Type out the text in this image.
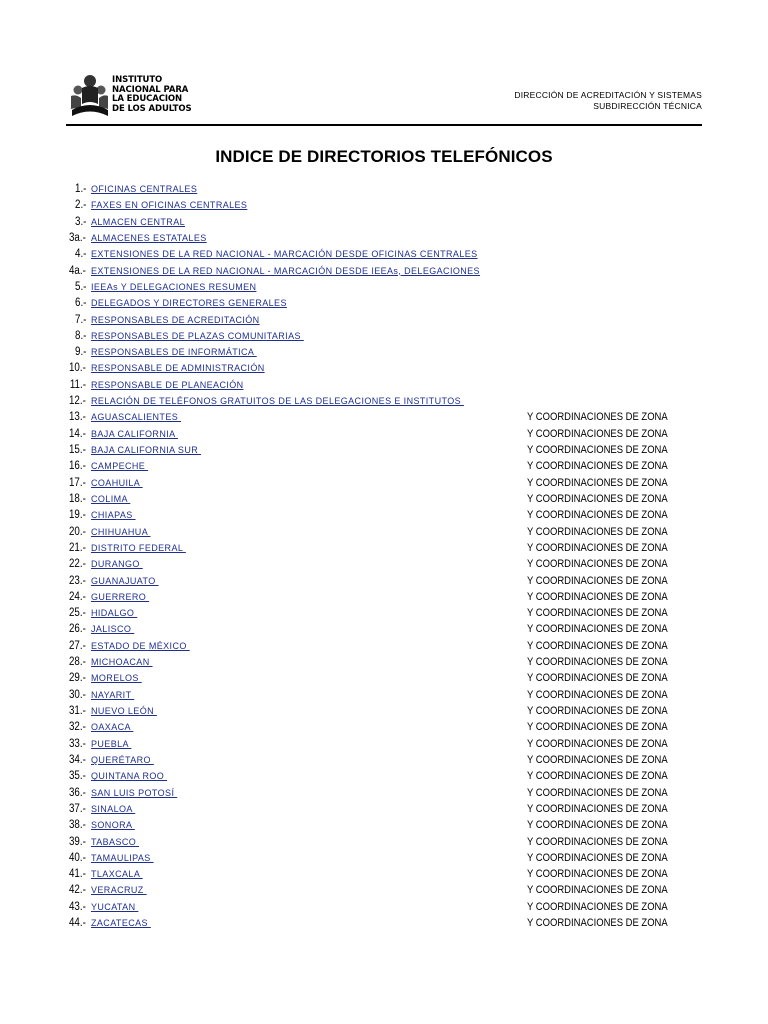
INSTITUTO
NACIONAL PARA
LA EDUCACION
DE LOS ADULTOS
DIRECCIÓN DE ACREDITACIÓN Y SISTEMAS
SUBDIRECCIÓN TÉCNICA
INDICE DE DIRECTORIOS TELEFÓNICOS
1.- OFICINAS CENTRALES
2.- FAXES EN OFICINAS CENTRALES
3.- ALMACEN CENTRAL
3a.- ALMACENES ESTATALES
4.- EXTENSIONES DE LA RED NACIONAL - MARCACIÓN DESDE OFICINAS CENTRALES
4a.- EXTENSIONES DE LA RED NACIONAL - MARCACIÓN DESDE IEEAs, DELEGACIONES
5.- IEEAs Y DELEGACIONES RESUMEN
6.- DELEGADOS Y DIRECTORES GENERALES
7.- RESPONSABLES DE ACREDITACIÓN
8.- RESPONSABLES DE PLAZAS COMUNITARIAS
9.- RESPONSABLES DE INFORMÁTICA
10.- RESPONSABLE DE ADMINISTRACIÓN
11.- RESPONSABLE DE PLANEACIÓN
12.- RELACIÓN DE TELÉFONOS GRATUITOS DE LAS DELEGACIONES E INSTITUTOS
13.- AGUASCALIENTES	Y COORDINACIONES DE ZONA
14.- BAJA CALIFORNIA	Y COORDINACIONES DE ZONA
15.- BAJA CALIFORNIA SUR	Y COORDINACIONES DE ZONA
16.- CAMPECHE	Y COORDINACIONES DE ZONA
17.- COAHUILA	Y COORDINACIONES DE ZONA
18.- COLIMA	Y COORDINACIONES DE ZONA
19.- CHIAPAS	Y COORDINACIONES DE ZONA
20.- CHIHUAHUA	Y COORDINACIONES DE ZONA
21.- DISTRITO FEDERAL	Y COORDINACIONES DE ZONA
22.- DURANGO	Y COORDINACIONES DE ZONA
23.- GUANAJUATO	Y COORDINACIONES DE ZONA
24.- GUERRERO	Y COORDINACIONES DE ZONA
25.- HIDALGO	Y COORDINACIONES DE ZONA
26.- JALISCO	Y COORDINACIONES DE ZONA
27.- ESTADO DE MÉXICO	Y COORDINACIONES DE ZONA
28.- MICHOACAN	Y COORDINACIONES DE ZONA
29.- MORELOS	Y COORDINACIONES DE ZONA
30.- NAYARIT	Y COORDINACIONES DE ZONA
31.- NUEVO LEÓN	Y COORDINACIONES DE ZONA
32.- OAXACA	Y COORDINACIONES DE ZONA
33.- PUEBLA	Y COORDINACIONES DE ZONA
34.- QUERÉTARO	Y COORDINACIONES DE ZONA
35.- QUINTANA ROO	Y COORDINACIONES DE ZONA
36.- SAN LUIS POTOSÍ	Y COORDINACIONES DE ZONA
37.- SINALOA	Y COORDINACIONES DE ZONA
38.- SONORA	Y COORDINACIONES DE ZONA
39.- TABASCO	Y COORDINACIONES DE ZONA
40.- TAMAULIPAS	Y COORDINACIONES DE ZONA
41.- TLAXCALA	Y COORDINACIONES DE ZONA
42.- VERACRUZ	Y COORDINACIONES DE ZONA
43.- YUCATAN	Y COORDINACIONES DE ZONA
44.- ZACATECAS	Y COORDINACIONES DE ZONA
